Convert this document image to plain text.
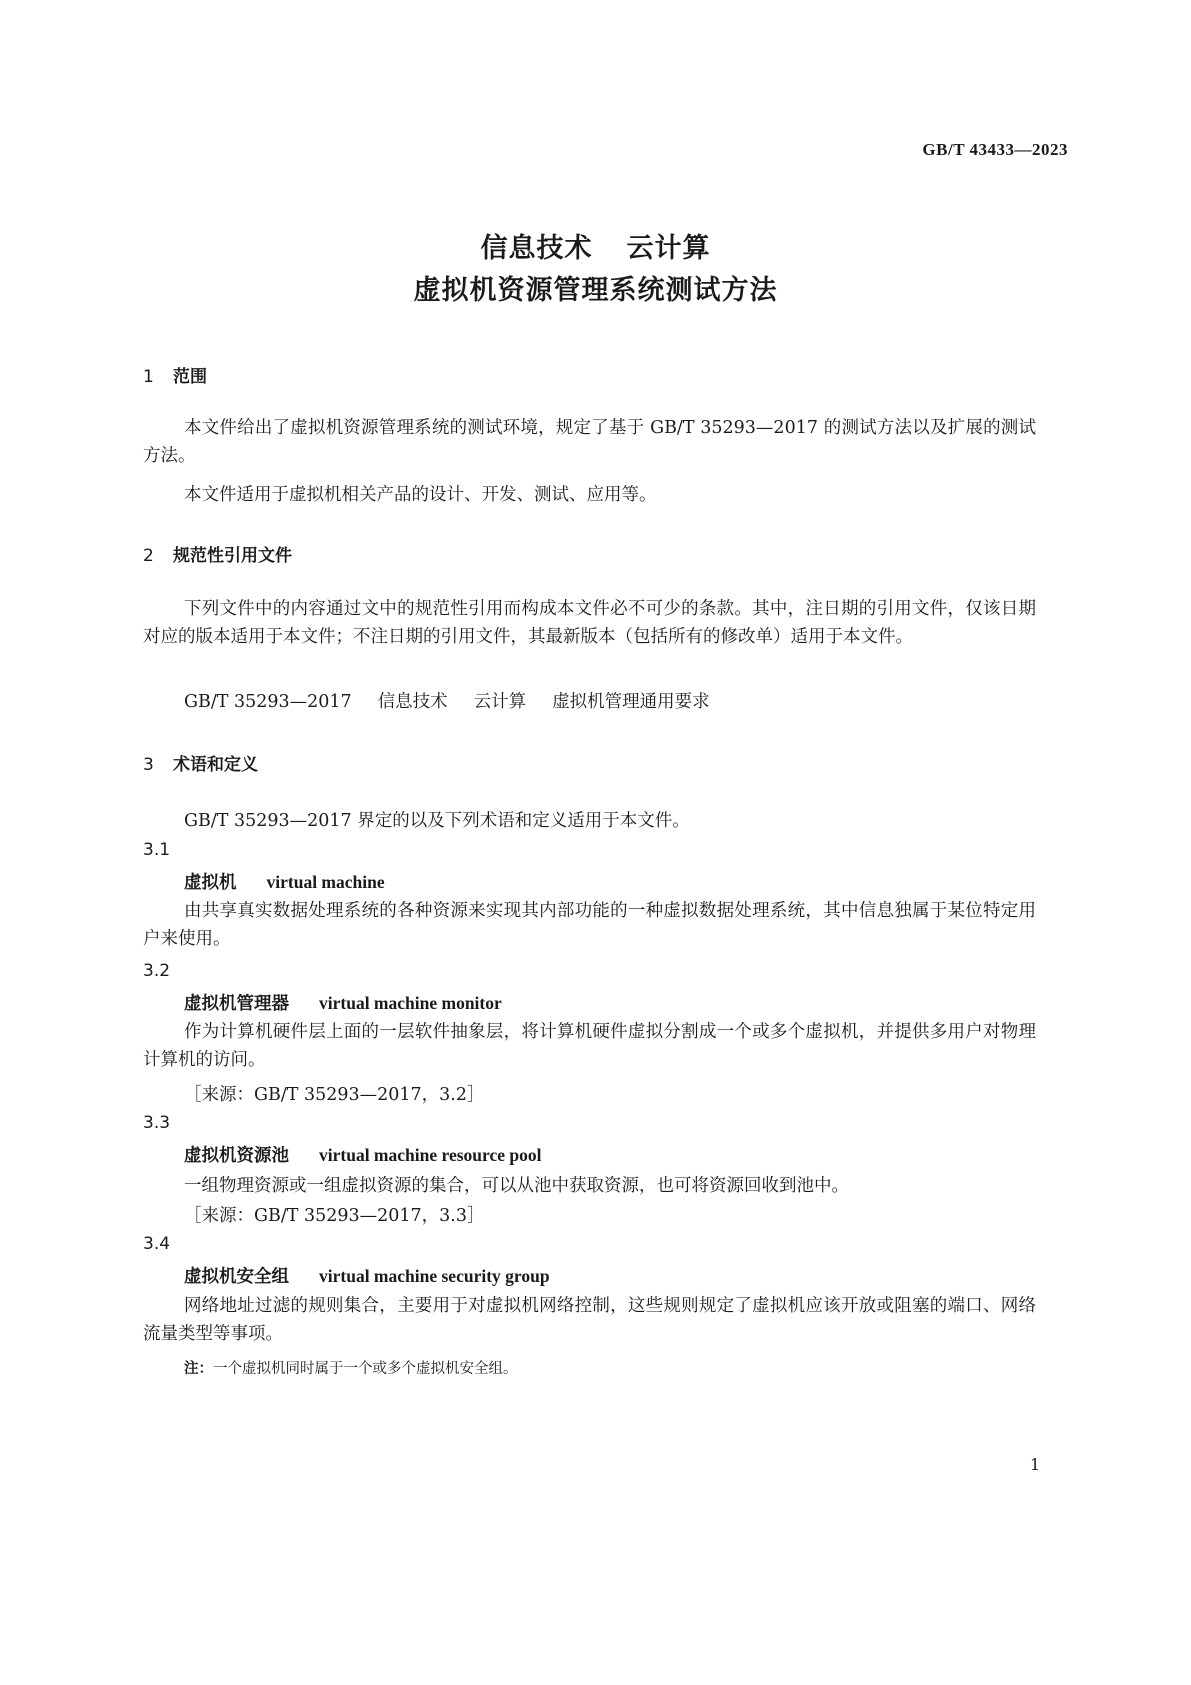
GB/T 43433—2023
信息技术 云计算
虚拟机资源管理系统测试方法
1 范围
本文件给出了虚拟机资源管理系统的测试环境，规定了基于 GB/T 35293—2017 的测试方法以及扩展的测试方法。
本文件适用于虚拟机相关产品的设计、开发、测试、应用等。
2 规范性引用文件
下列文件中的内容通过文中的规范性引用而构成本文件必不可少的条款。其中，注日期的引用文件，仅该日期对应的版本适用于本文件；不注日期的引用文件，其最新版本（包括所有的修改单）适用于本文件。
GB/T 35293—2017 信息技术 云计算 虚拟机管理通用要求
3 术语和定义
GB/T 35293—2017 界定的以及下列术语和定义适用于本文件。
3.1
虚拟机 virtual machine
由共享真实数据处理系统的各种资源来实现其内部功能的一种虚拟数据处理系统，其中信息独属于某位特定用户来使用。
3.2
虚拟机管理器 virtual machine monitor
作为计算机硬件层上面的一层软件抽象层，将计算机硬件虚拟分割成一个或多个虚拟机，并提供多用户对物理计算机的访问。
［来源：GB/T 35293—2017，3.2］
3.3
虚拟机资源池 virtual machine resource pool
一组物理资源或一组虚拟资源的集合，可以从池中获取资源，也可将资源回收到池中。
［来源：GB/T 35293—2017，3.3］
3.4
虚拟机安全组 virtual machine security group
网络地址过滤的规则集合，主要用于对虚拟机网络控制，这些规则规定了虚拟机应该开放或阻塞的端口、网络流量类型等事项。
注：一个虚拟机同时属于一个或多个虚拟机安全组。
1
